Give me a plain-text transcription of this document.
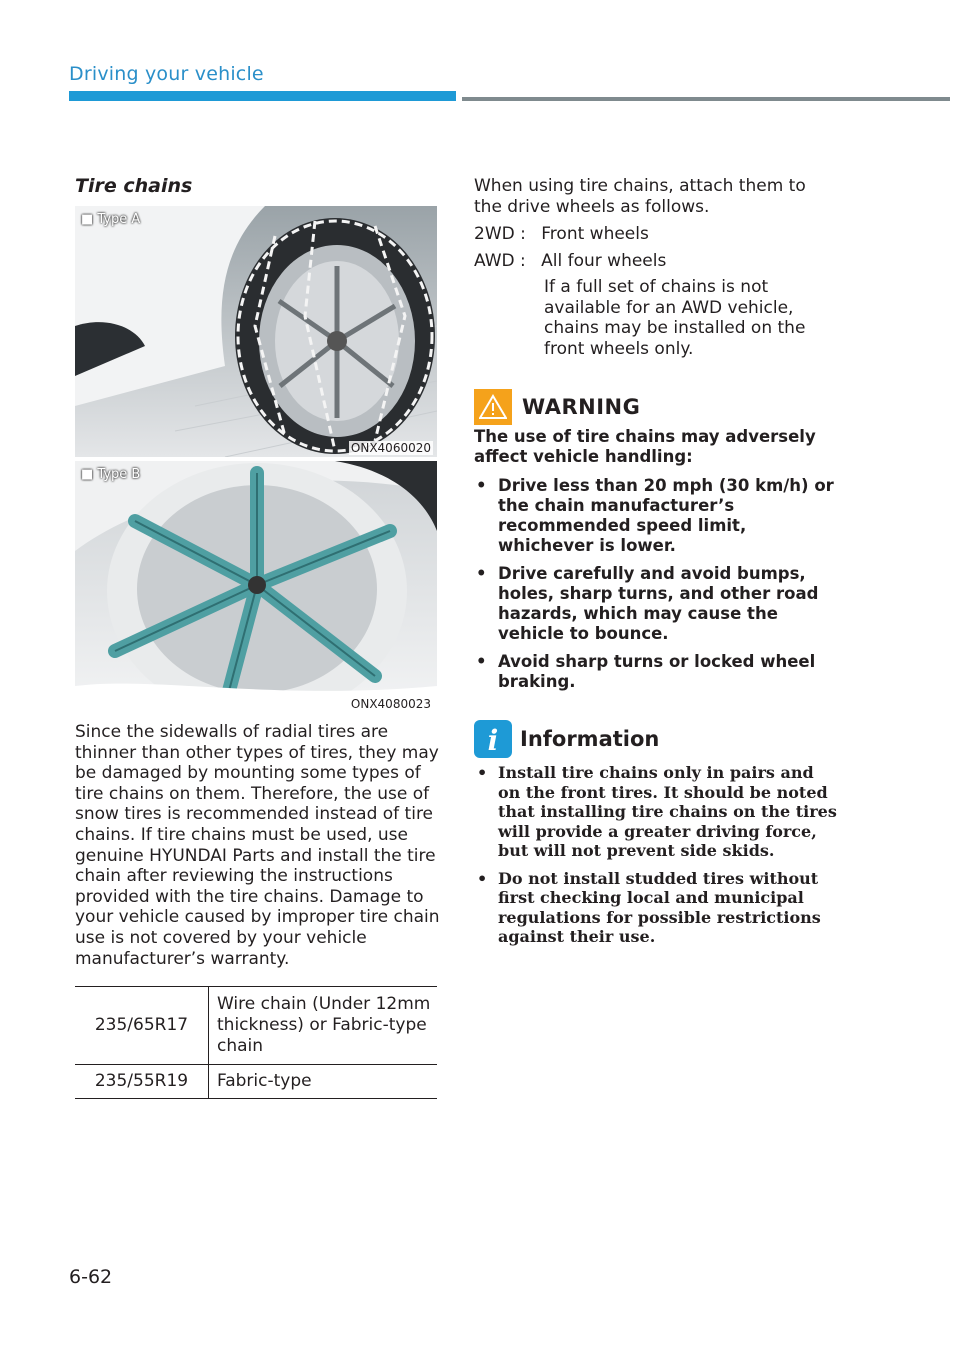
Driving your vehicle
Tire chains
■ Type A
ONX4060020
■ Type B
ONX4080023
Since the sidewalls of radial tires are thinner than other types of tires, they may be damaged by mounting some types of tire chains on them. Therefore, the use of snow tires is recommended instead of tire chains. If tire chains must be used, use genuine HYUNDAI Parts and install the tire chain after reviewing the instructions provided with the tire chains. Damage to your vehicle caused by improper tire chain use is not covered by your vehicle manufacturer’s warranty.
235/65R17	Wire chain (Under 12mm thickness) or Fabric-type chain
235/55R19	Fabric-type
When using tire chains, attach them to the drive wheels as follows.
2WD : Front wheels
AWD : All four wheels
If a full set of chains is not available for an AWD vehicle, chains may be installed on the front wheels only.
WARNING
The use of tire chains may adversely affect vehicle handling:
• Drive less than 20 mph (30 km/h) or the chain manufacturer’s recommended speed limit, whichever is lower.
• Drive carefully and avoid bumps, holes, sharp turns, and other road hazards, which may cause the vehicle to bounce.
• Avoid sharp turns or locked wheel braking.
i Information
• Install tire chains only in pairs and on the front tires. It should be noted that installing tire chains on the tires will provide a greater driving force, but will not prevent side skids.
• Do not install studded tires without first checking local and municipal regulations for possible restrictions against their use.
6-62
